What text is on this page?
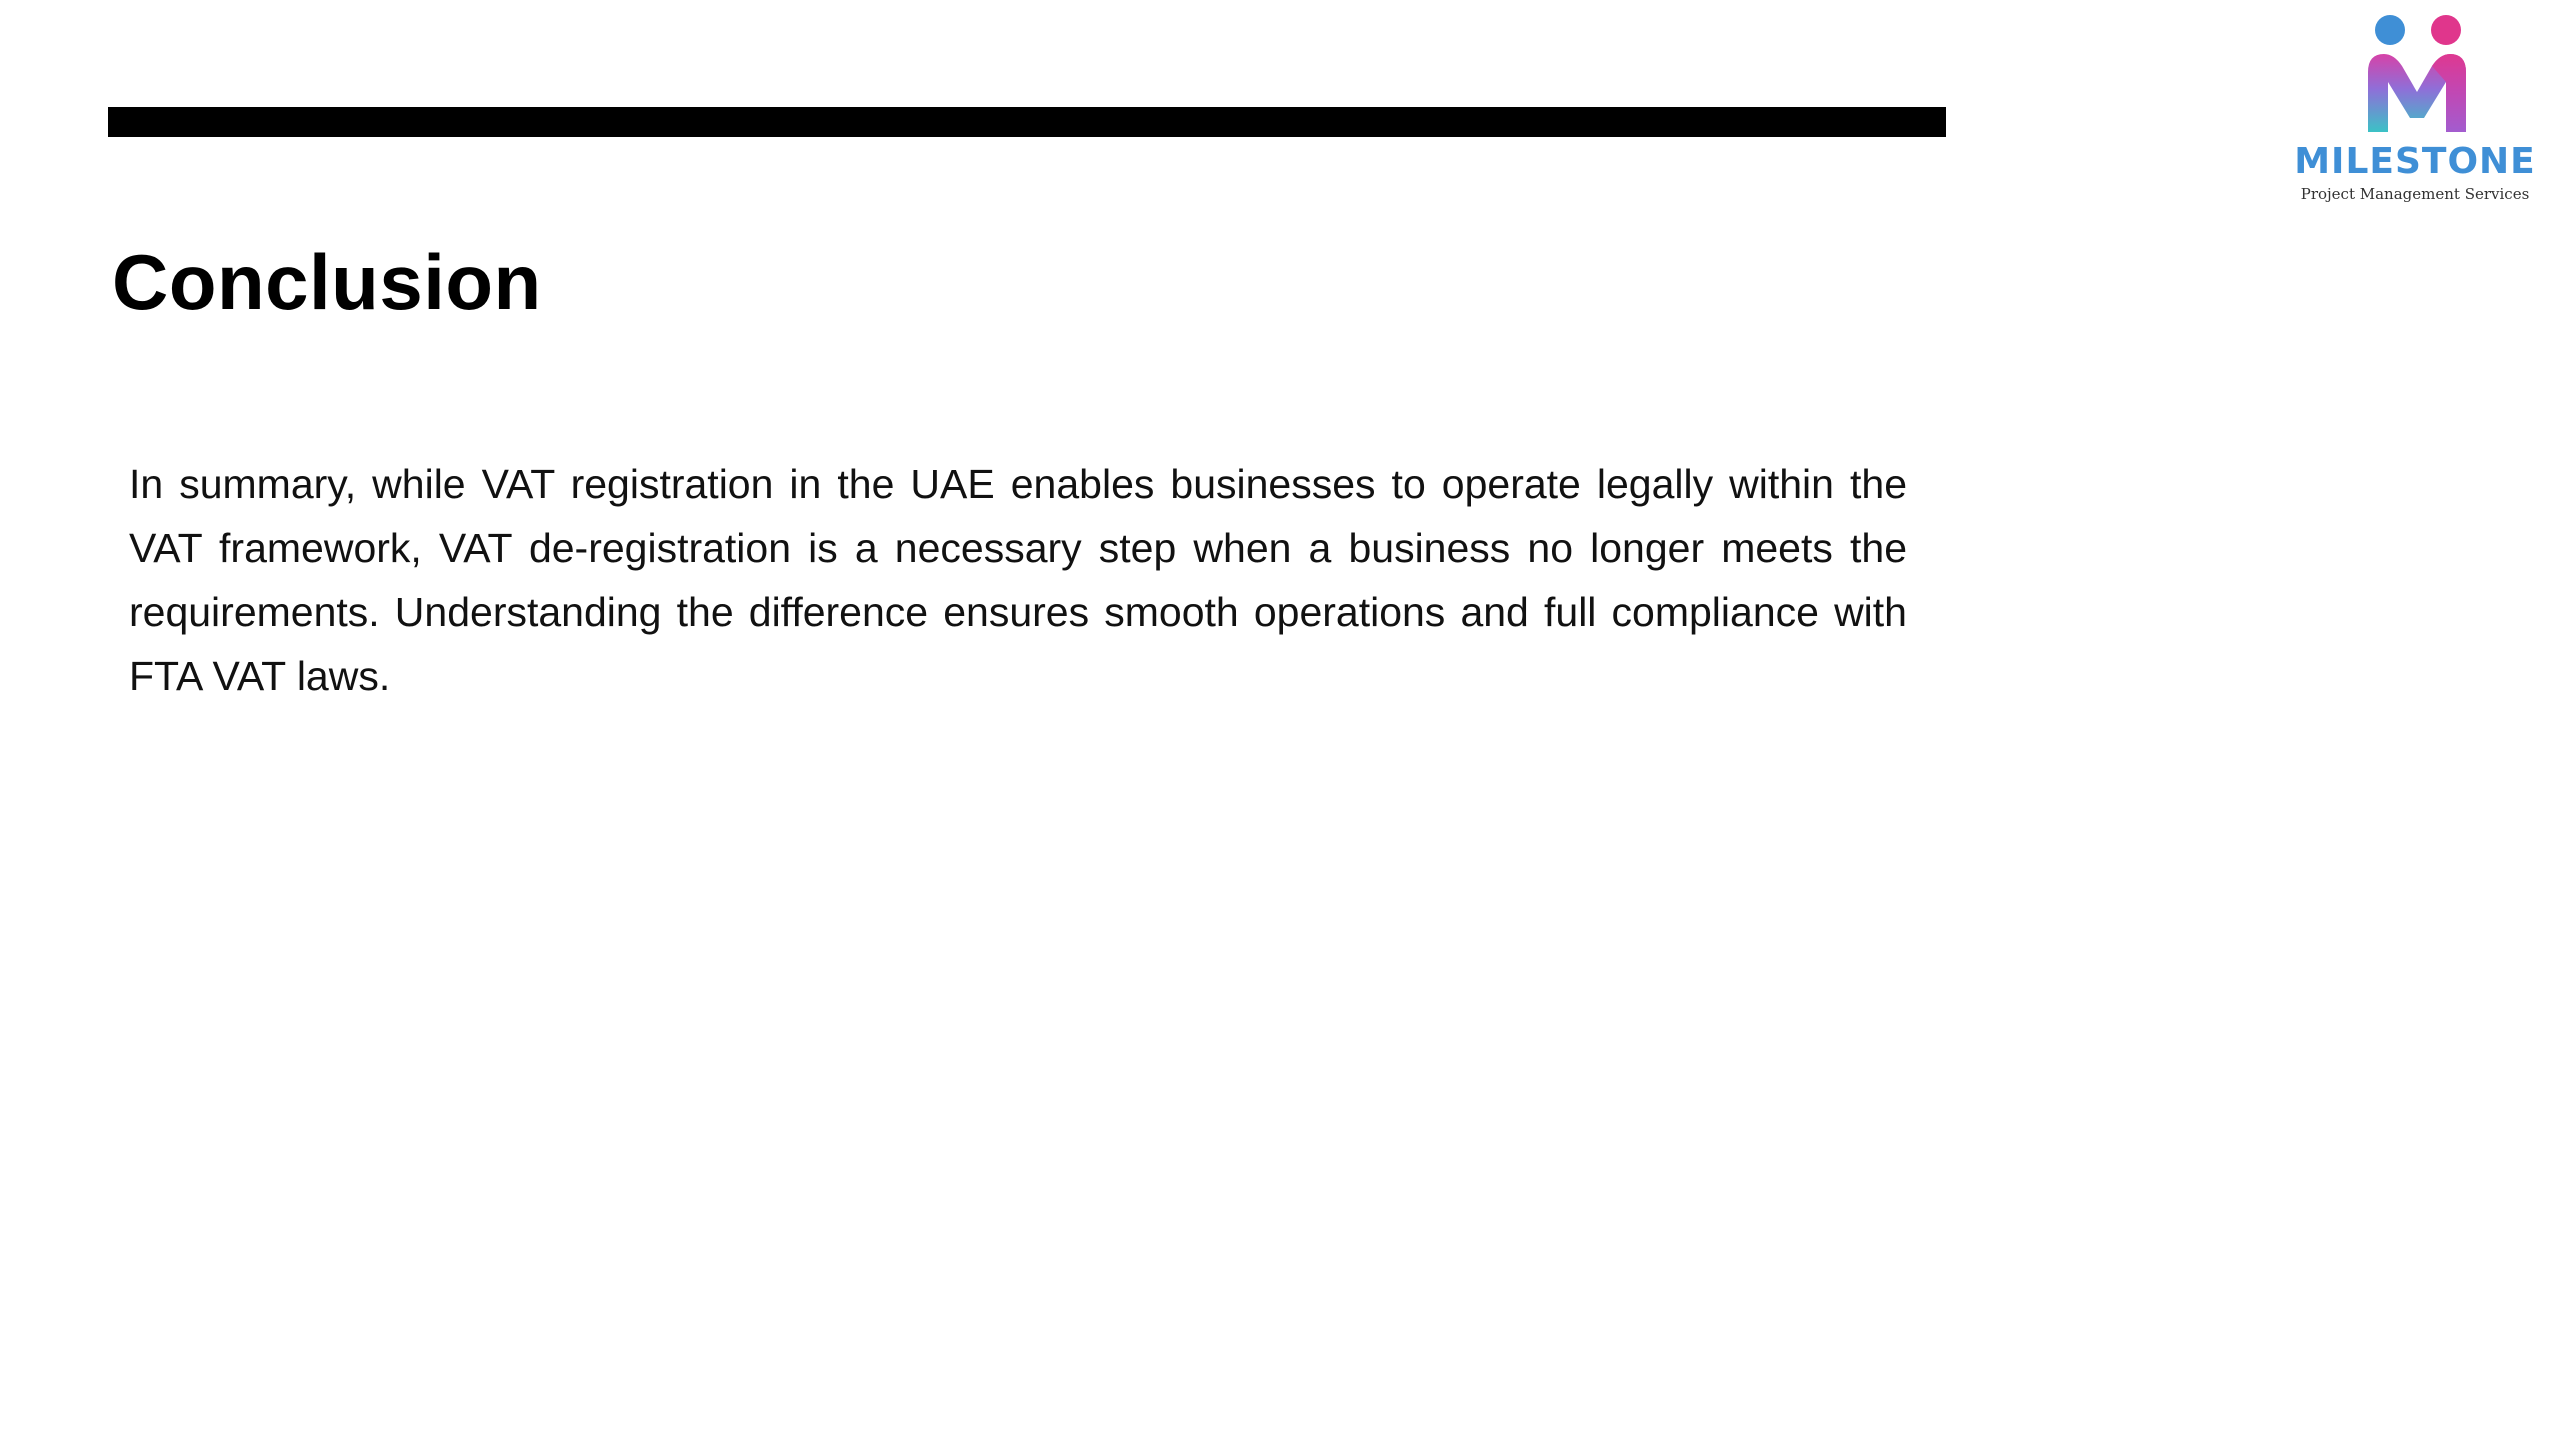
Conclusion

In summary, while VAT registration in the UAE enables businesses to operate legally within the VAT framework, VAT de-registration is a necessary step when a business no longer meets the requirements. Understanding the difference ensures smooth operations and full compliance with FTA VAT laws.

MILESTONE
Project Management Services
